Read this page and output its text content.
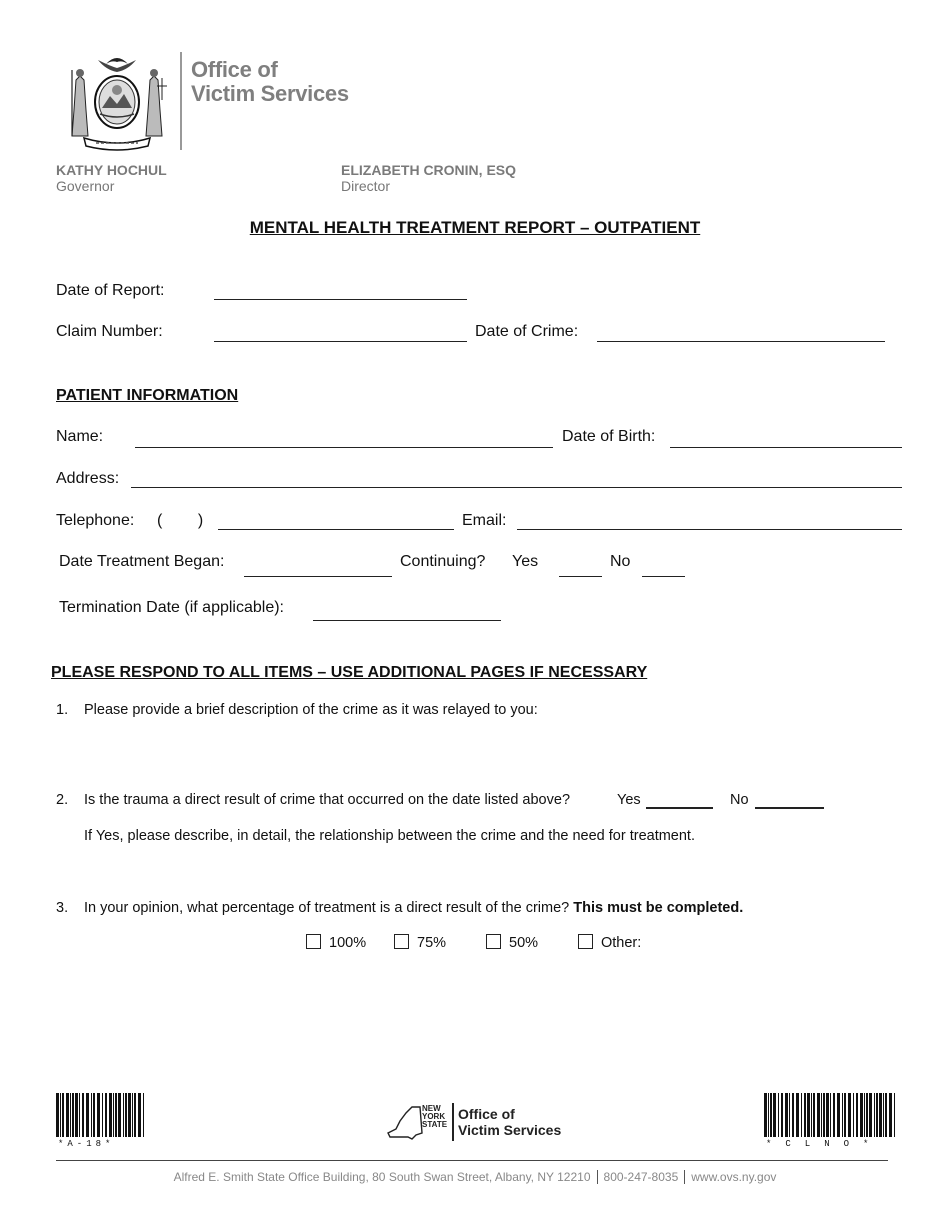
Office of
Victim Services
KATHY HOCHUL
Governor
ELIZABETH CRONIN, ESQ
Director
MENTAL HEALTH TREATMENT REPORT – OUTPATIENT
Date of Report:
Claim Number:	Date of Crime:
PATIENT INFORMATION
Name:	Date of Birth:
Address:
Telephone: (        )	Email:
Date Treatment Began:	Continuing? Yes	No
Termination Date (if applicable):
PLEASE RESPOND TO ALL ITEMS – USE ADDITIONAL PAGES IF NECESSARY
1. Please provide a brief description of the crime as it was relayed to you:
2. Is the trauma a direct result of crime that occurred on the date listed above?	Yes	No
If Yes, please describe, in detail, the relationship between the crime and the need for treatment.
3. In your opinion, what percentage of treatment is a direct result of the crime? This must be completed.
100%	75%	50%	Other:
*A-18*	*CLNO*
NEW
YORK
STATE
Office of
Victim Services
Alfred E. Smith State Office Building, 80 South Swan Street, Albany, NY 12210 800-247-8035 www.ovs.ny.gov
